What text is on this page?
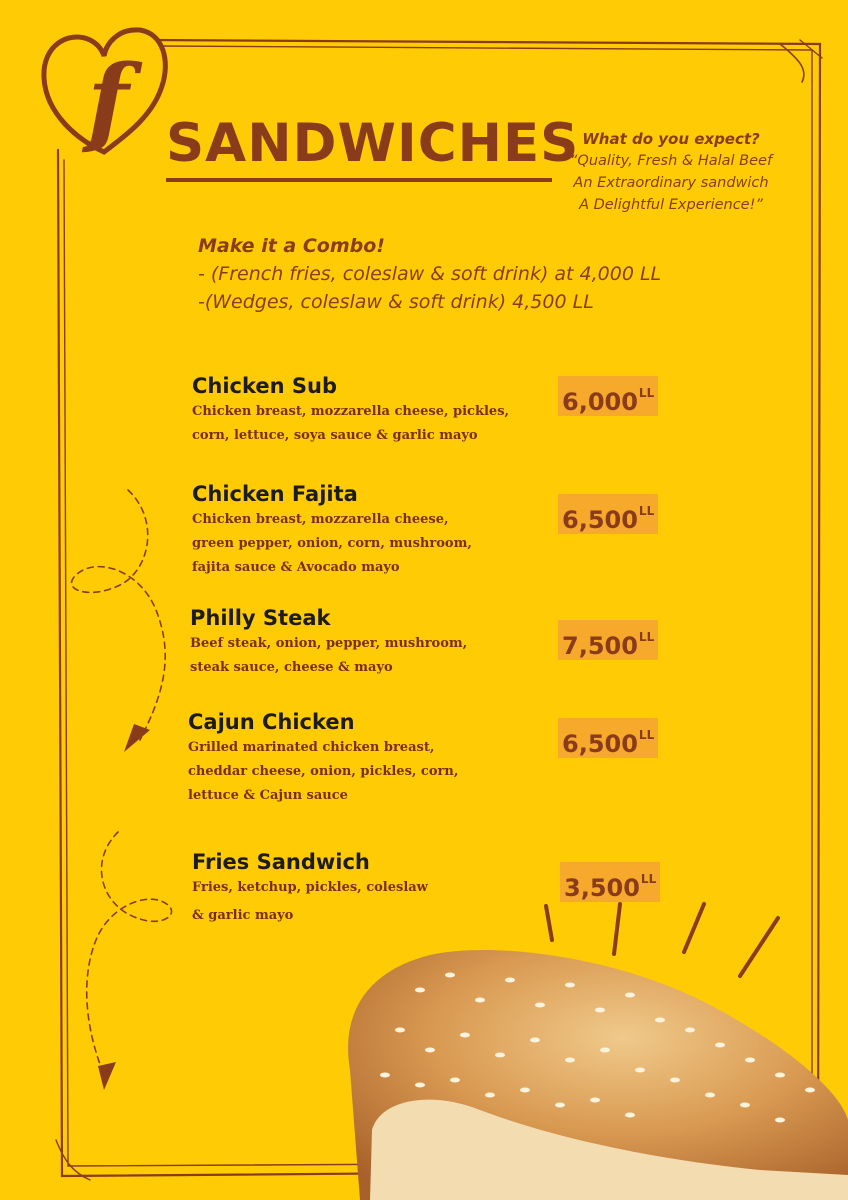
f SANDWICHES What do you expect?
“Quality, Fresh & Halal Beef
An Extraordinary sandwich
A Delightful Experience!”
Make it a Combo!
- (French fries, coleslaw & soft drink) at 4,000 LL
-(Wedges, coleslaw & soft drink) 4,500 LL
Chicken Sub
Chicken breast, mozzarella cheese, pickles,
corn, lettuce, soya sauce & garlic mayo
$6,000^{LL}$
Chicken Fajita
Chicken breast, mozzarella cheese,
green pepper, onion, corn, mushroom,
fajita sauce & Avocado mayo
$6,500^{LL}$
Philly Steak
Beef steak, onion, pepper, mushroom,
steak sauce, cheese & mayo
$7,500^{LL}$
Cajun Chicken
Grilled marinated chicken breast,
cheddar cheese, onion, pickles, corn,
lettuce & Cajun sauce
$6,500^{LL}$
Fries Sandwich
Fries, ketchup, pickles, coleslaw
& garlic mayo
$3,500^{LL}$
